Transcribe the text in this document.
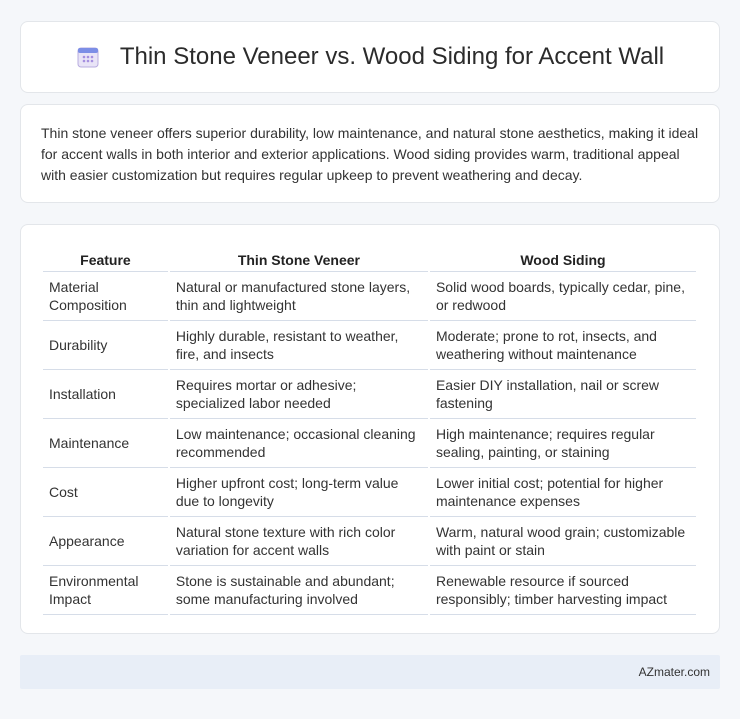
Thin Stone Veneer vs. Wood Siding for Accent Wall

Thin stone veneer offers superior durability, low maintenance, and natural stone aesthetics, making it ideal for accent walls in both interior and exterior applications. Wood siding provides warm, traditional appeal with easier customization but requires regular upkeep to prevent weathering and decay.

Feature	Thin Stone Veneer	Wood Siding
Material Composition	Natural or manufactured stone layers, thin and lightweight	Solid wood boards, typically cedar, pine, or redwood
Durability	Highly durable, resistant to weather, fire, and insects	Moderate; prone to rot, insects, and weathering without maintenance
Installation	Requires mortar or adhesive; specialized labor needed	Easier DIY installation, nail or screw fastening
Maintenance	Low maintenance; occasional cleaning recommended	High maintenance; requires regular sealing, painting, or staining
Cost	Higher upfront cost; long-term value due to longevity	Lower initial cost; potential for higher maintenance expenses
Appearance	Natural stone texture with rich color variation for accent walls	Warm, natural wood grain; customizable with paint or stain
Environmental Impact	Stone is sustainable and abundant; some manufacturing involved	Renewable resource if sourced responsibly; timber harvesting impact
AZmater.com
